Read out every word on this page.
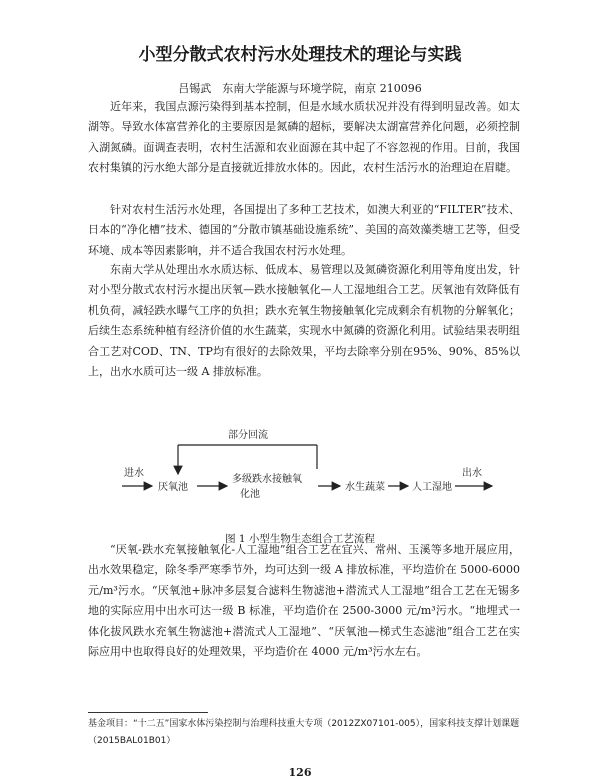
小型分散式农村污水处理技术的理论与实践
吕锡武　东南大学能源与环境学院，南京 210096

近年来，我国点源污染得到基本控制，但是水域水质状况并没有得到明显改善。如太湖等。导致水体富营养化的主要原因是氮磷的超标，要解决太湖富营养化问题，必须控制入湖氮磷。面调查表明，农村生活源和农业面源在其中起了不容忽视的作用。目前，我国农村集镇的污水绝大部分是直接就近排放水体的。因此，农村生活污水的治理迫在眉睫。

针对农村生活污水处理，各国提出了多种工艺技术，如澳大利亚的“FILTER”技术、日本的“净化槽”技术、德国的“分散市镇基础设施系统”、美国的高效藻类塘工艺等，但受环境、成本等因素影响，并不适合我国农村污水处理。

东南大学从处理出水水质达标、低成本、易管理以及氮磷资源化利用等角度出发，针对小型分散式农村污水提出厌氧—跌水接触氧化—人工湿地组合工艺。厌氧池有效降低有机负荷，减轻跌水曝气工序的负担；跌水充氧生物接触氧化完成剩余有机物的分解氧化；后续生态系统种植有经济价值的水生蔬菜，实现水中氮磷的资源化利用。试验结果表明组合工艺对COD、TN、TP均有很好的去除效果，平均去除率分别在95%、90%、85%以上，出水水质可达一级 A 排放标准。

部分回流
进水
厌氧池
多级跌水接触氧
化池
水生蔬菜	人工湿地
出水
图 1 小型生物生态组合工艺流程

“厌氧-跌水充氧接触氧化-人工湿地”组合工艺在宜兴、常州、玉溪等多地开展应用，出水效果稳定，除冬季严寒季节外，均可达到一级 A 排放标准，平均造价在 5000-6000 元/m³污水。“厌氧池+脉冲多层复合滤料生物滤池+潜流式人工湿地”组合工艺在无锡多地的实际应用中出水可达一级 B 标准，平均造价在 2500-3000 元/m³污水。“地埋式一体化拔风跌水充氧生物滤池+潜流式人工湿地”、“厌氧池—梯式生态滤池”组合工艺在实际应用中也取得良好的处理效果，平均造价在 4000 元/m³污水左右。

基金项目：“十二五”国家水体污染控制与治理科技重大专项（2012ZX07101-005），国家科技支撑计划课题（2015BAL01B01）

126
